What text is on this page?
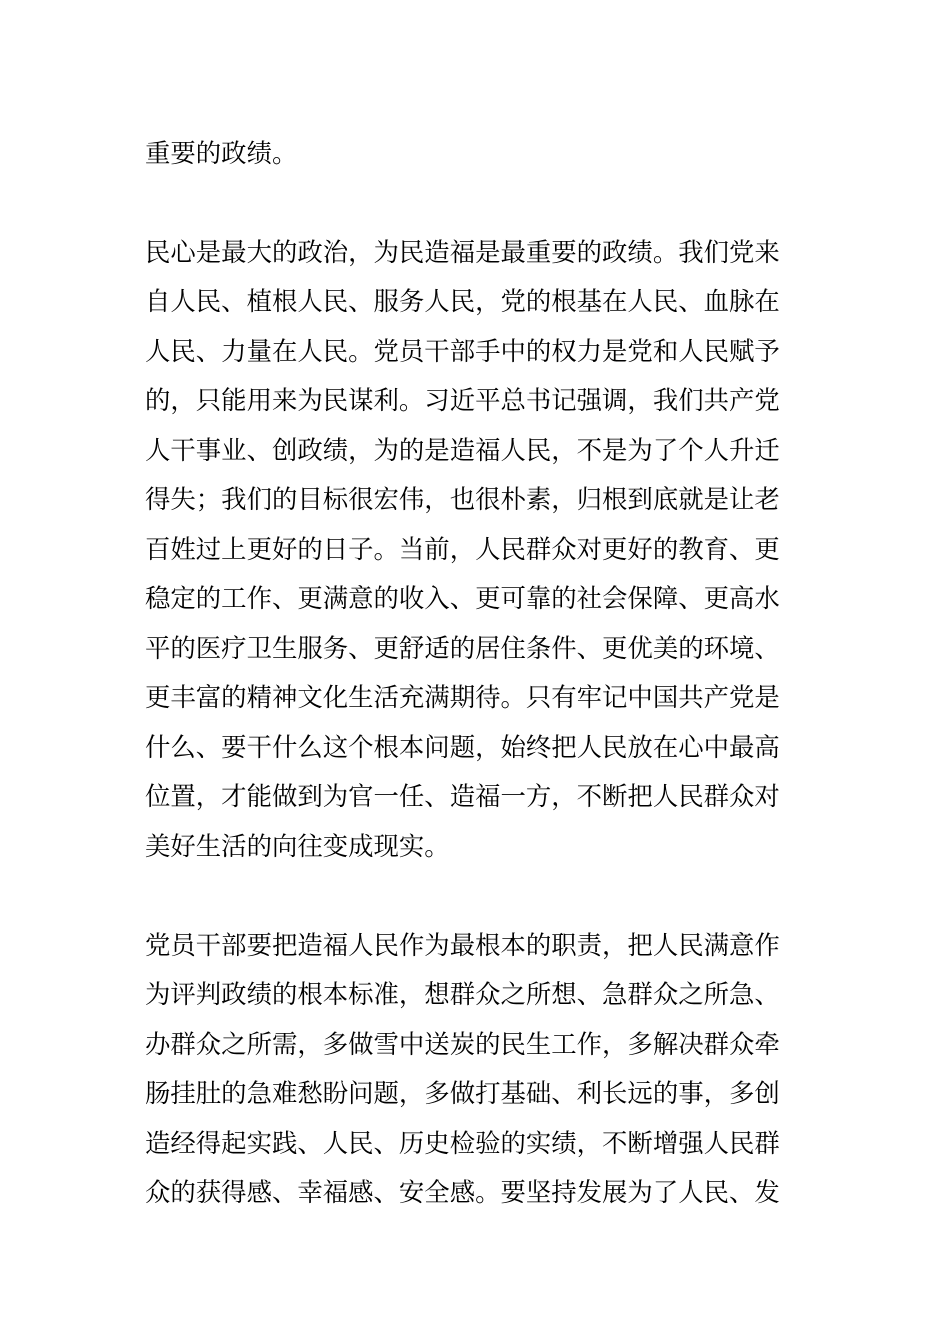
重要的政绩。
民心是最大的政治，为民造福是最重要的政绩。我们党来
自人民、植根人民、服务人民，党的根基在人民、血脉在
人民、力量在人民。党员干部手中的权力是党和人民赋予
的，只能用来为民谋利。习近平总书记强调，我们共产党
人干事业、创政绩，为的是造福人民，不是为了个人升迁
得失；我们的目标很宏伟，也很朴素，归根到底就是让老
百姓过上更好的日子。当前，人民群众对更好的教育、更
稳定的工作、更满意的收入、更可靠的社会保障、更高水
平的医疗卫生服务、更舒适的居住条件、更优美的环境、
更丰富的精神文化生活充满期待。只有牢记中国共产党是
什么、要干什么这个根本问题，始终把人民放在心中最高
位置，才能做到为官一任、造福一方，不断把人民群众对
美好生活的向往变成现实。
党员干部要把造福人民作为最根本的职责，把人民满意作
为评判政绩的根本标准，想群众之所想、急群众之所急、
办群众之所需，多做雪中送炭的民生工作，多解决群众牵
肠挂肚的急难愁盼问题，多做打基础、利长远的事，多创
造经得起实践、人民、历史检验的实绩，不断增强人民群
众的获得感、幸福感、安全感。要坚持发展为了人民、发
